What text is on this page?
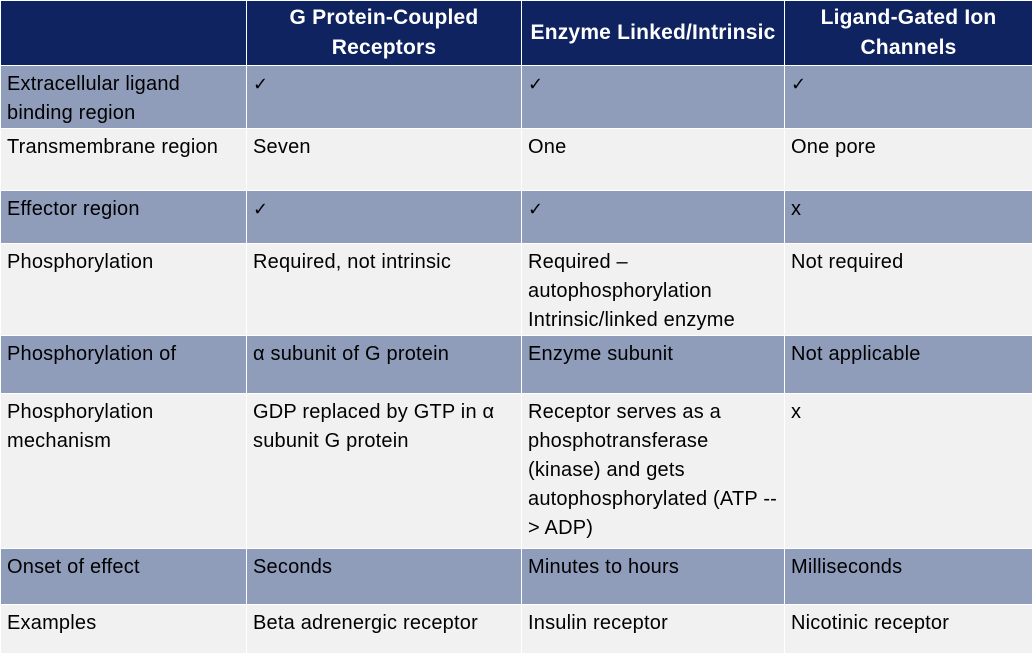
	G Protein-Coupled Receptors	Enzyme Linked/Intrinsic	Ligand-Gated Ion Channels
Extracellular ligand binding region	✓	✓	✓
Transmembrane region	Seven	One	One pore
Effector region	✓	✓	x
Phosphorylation	Required, not intrinsic	Required – autophosphorylation Intrinsic/linked enzyme	Not required
Phosphorylation of	α subunit of G protein	Enzyme subunit	Not applicable
Phosphorylation mechanism	GDP replaced by GTP in α subunit G protein	Receptor serves as a phosphotransferase (kinase) and gets autophosphorylated (ATP --> ADP)	x
Onset of effect	Seconds	Minutes to hours	Milliseconds
Examples	Beta adrenergic receptor	Insulin receptor	Nicotinic receptor
